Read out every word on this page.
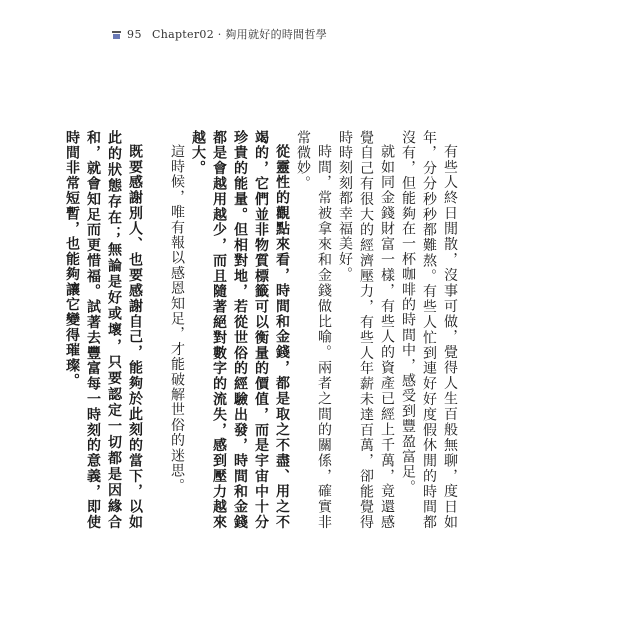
95 Chapter02 · 夠用就好的時間哲學

有些人終日閒散，沒事可做，覺得人生百般無聊，度日如年，分分秒秒都難熬。有些人忙到連好好度假休閒的時間都沒有，但能夠在一杯咖啡的時間中，感受到豐盈富足。

就如同金錢財富一樣，有些人的資產已經上千萬，竟還感覺自己有很大的經濟壓力，有些人年薪未達百萬，卻能覺得時時刻刻都幸福美好。

時間，常被拿來和金錢做比喻。兩者之間的關係，確實非常微妙。

從靈性的觀點來看，時間和金錢，都是取之不盡、用之不竭的，它們並非物質標籤可以衡量的價值，而是宇宙中十分珍貴的能量。但相對地，若從世俗的經驗出發，時間和金錢都是會越用越少，而且隨著絕對數字的流失，感到壓力越來越大。

這時候，唯有報以感恩知足，才能破解世俗的迷思。

既要感謝別人、也要感謝自己，能夠於此刻的當下，以如此的狀態存在；無論是好或壞，只要認定一切都是因緣合和，就會知足而更惜福。試著去豐富每一時刻的意義，即使時間非常短暫，也能夠讓它變得璀璨。
